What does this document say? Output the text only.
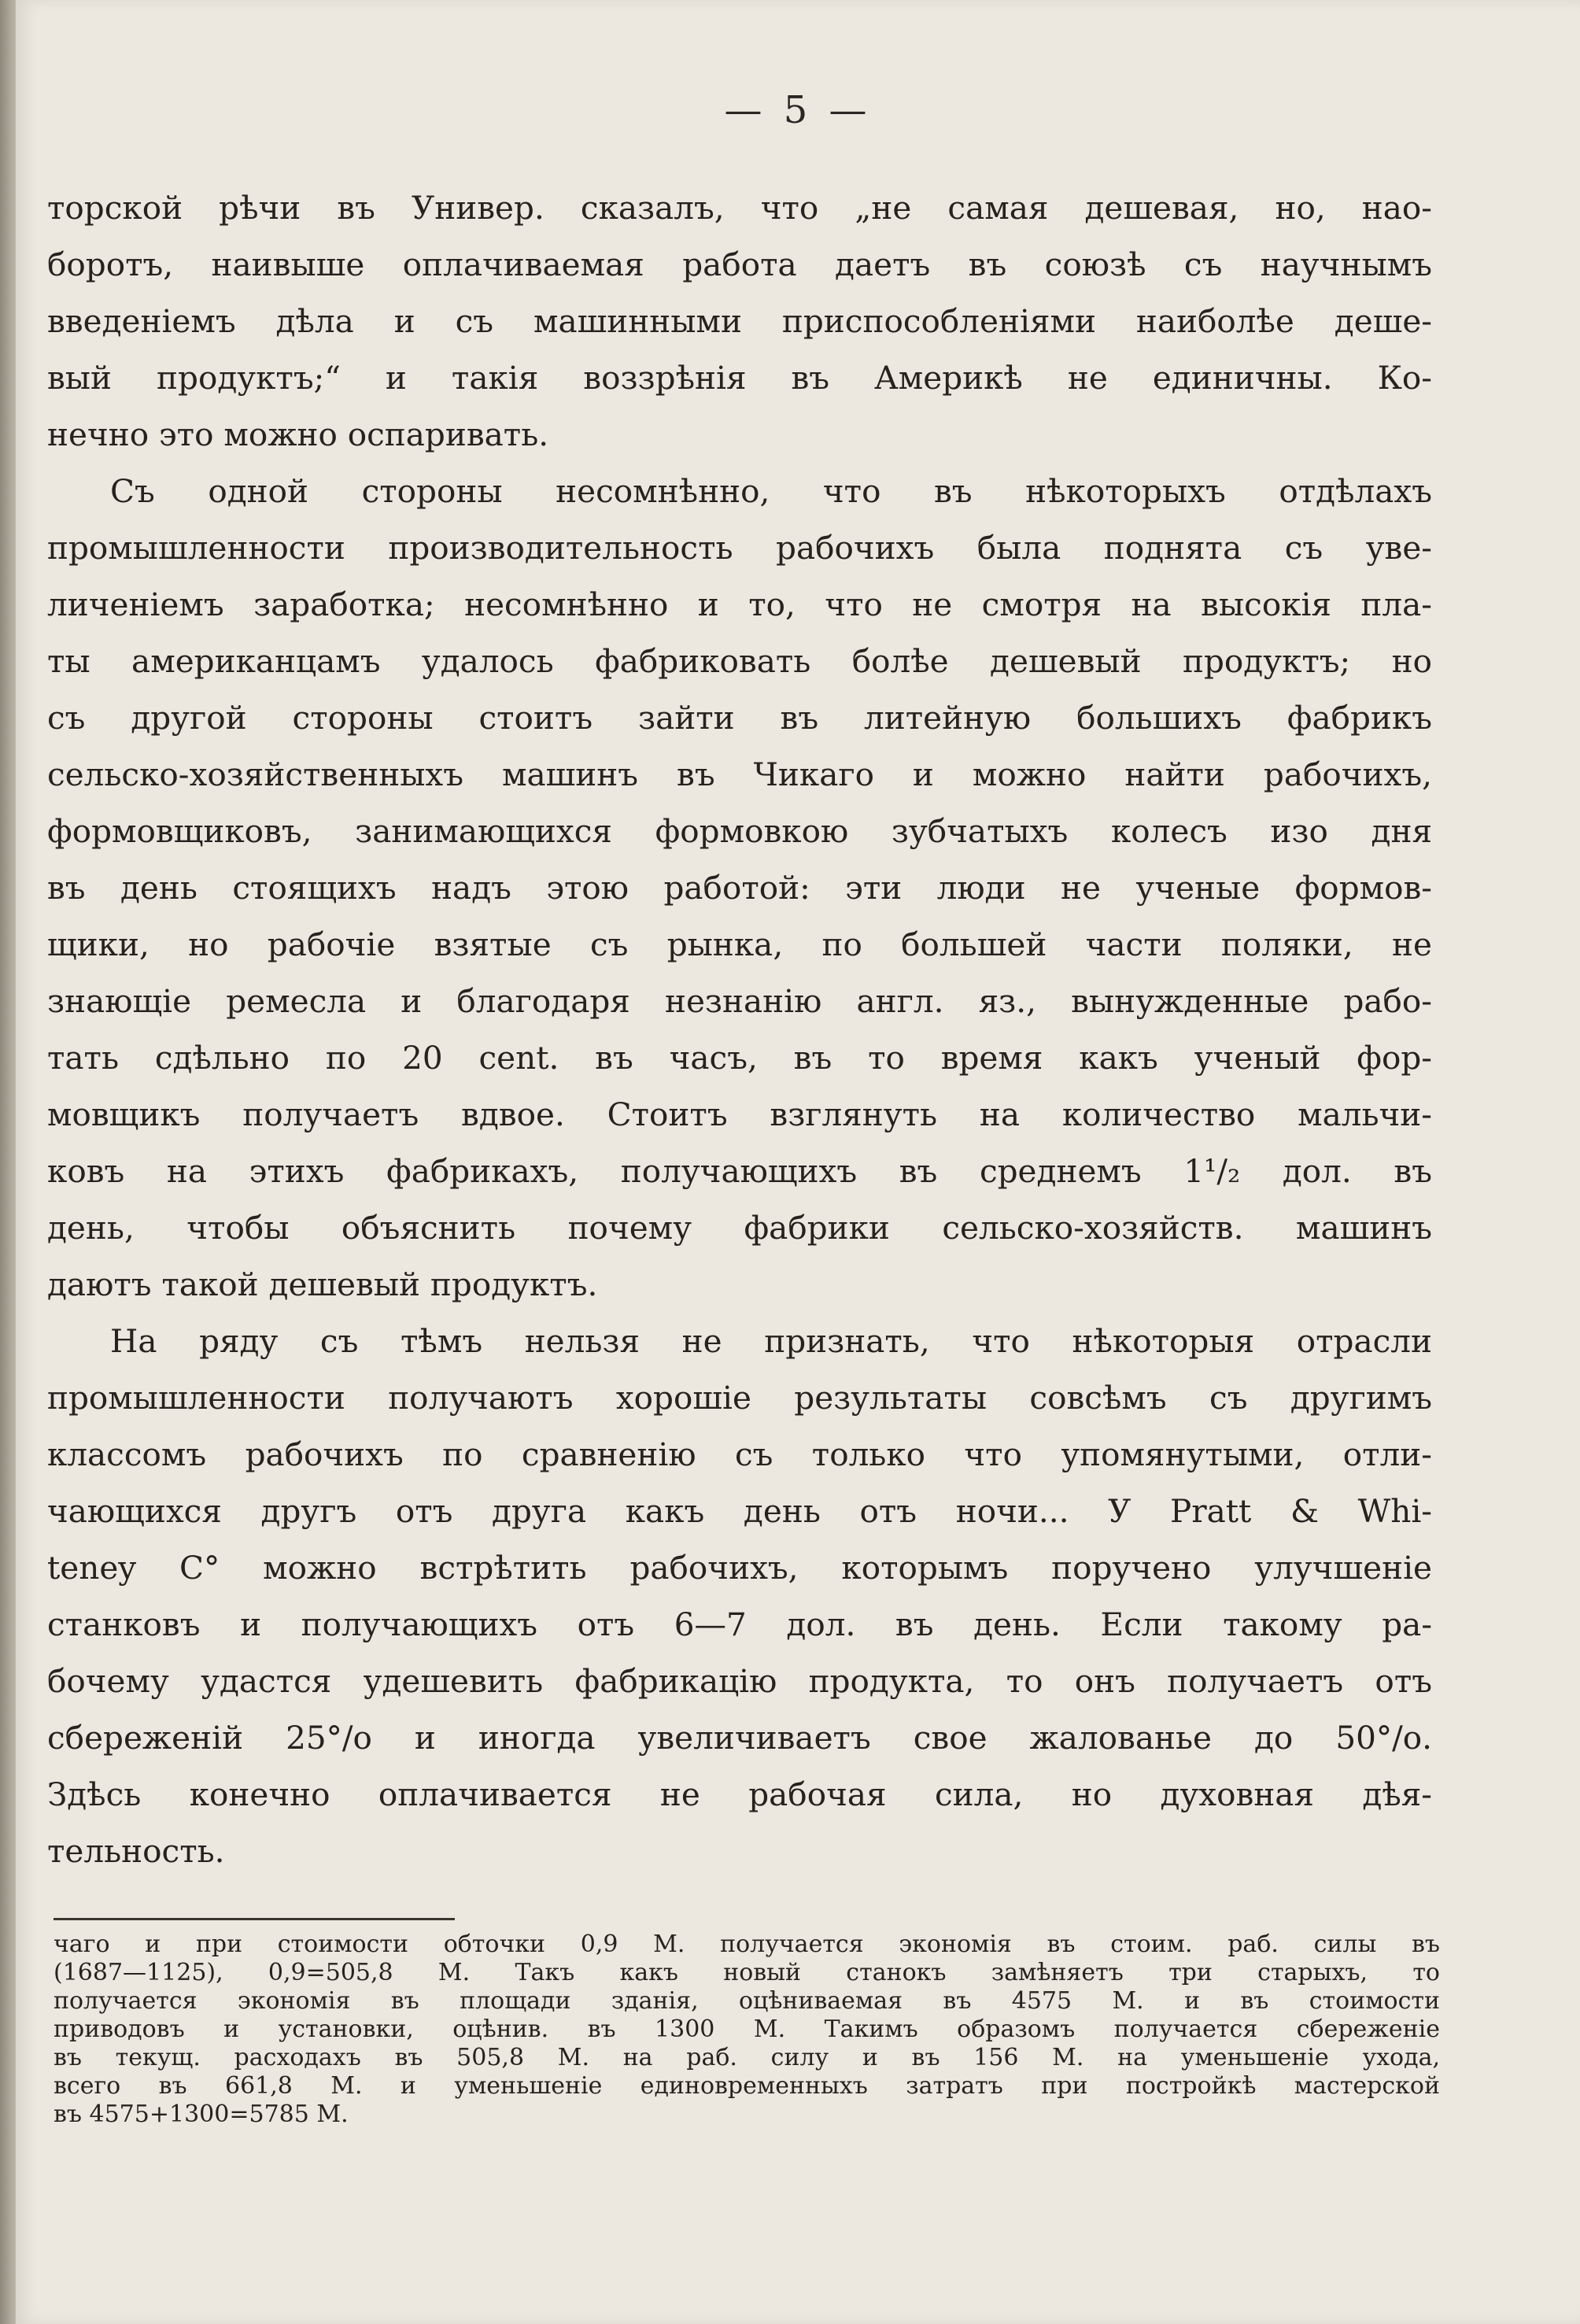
— 5 —
торской рѣчи въ Универ. сказалъ, что „не самая дешевая, но, нао-
боротъ, наивыше оплачиваемая работа даетъ въ союзѣ съ научнымъ
введеніемъ дѣла и съ машинными приспособленіями наиболѣе деше-
вый продуктъ;“ и такія воззрѣнія въ Америкѣ не единичны. Ко-
нечно это можно оспаривать.
Съ одной стороны несомнѣнно, что въ нѣкоторыхъ отдѣлахъ
промышленности производительность рабочихъ была поднята съ уве-
личеніемъ заработка; несомнѣнно и то, что не смотря на высокія пла-
ты американцамъ удалось фабриковать болѣе дешевый продуктъ; но
съ другой стороны стоитъ зайти въ литейную большихъ фабрикъ
сельско-хозяйственныхъ машинъ въ Чикаго и можно найти рабочихъ,
формовщиковъ, занимающихся формовкою зубчатыхъ колесъ изо дня
въ день стоящихъ надъ этою работой: эти люди не ученые формов-
щики, но рабочіе взятые съ рынка, по большей части поляки, не
знающіе ремесла и благодаря незнанію англ. яз., вынужденные рабо-
тать сдѣльно по 20 cent. въ часъ, въ то время какъ ученый фор-
мовщикъ получаетъ вдвое. Стоитъ взглянуть на количество мальчи-
ковъ на этихъ фабрикахъ, получающихъ въ среднемъ 1¹/₂ дол. въ
день, чтобы объяснить почему фабрики сельско-хозяйств. машинъ
даютъ такой дешевый продуктъ.
На ряду съ тѣмъ нельзя не признать, что нѣкоторыя отрасли
промышленности получаютъ хорошіе результаты совсѣмъ съ другимъ
классомъ рабочихъ по сравненію съ только что упомянутыми, отли-
чающихся другъ отъ друга какъ день отъ ночи... У Pratt & Whi-
teney C° можно встрѣтить рабочихъ, которымъ поручено улучшеніе
станковъ и получающихъ отъ 6—7 дол. въ день. Если такому ра-
бочему удастся удешевить фабрикацію продукта, то онъ получаетъ отъ
сбереженій 25°/о и иногда увеличиваетъ свое жалованье до 50°/о.
Здѣсь конечно оплачивается не рабочая сила, но духовная дѣя-
тельность.
чаго и при стоимости обточки 0,9 М. получается экономія въ стоим. раб. силы въ
(1687—1125), 0,9=505,8 М. Такъ какъ новый станокъ замѣняетъ три старыхъ, то
получается экономія въ площади зданія, оцѣниваемая въ 4575 М. и въ стоимости
приводовъ и установки, оцѣнив. въ 1300 М. Такимъ образомъ получается сбереженіе
въ текущ. расходахъ въ 505,8 М. на раб. силу и въ 156 М. на уменьшеніе ухода,
всего въ 661,8 М. и уменьшеніе единовременныхъ затратъ при постройкѣ мастерской
въ 4575+1300=5785 М.
